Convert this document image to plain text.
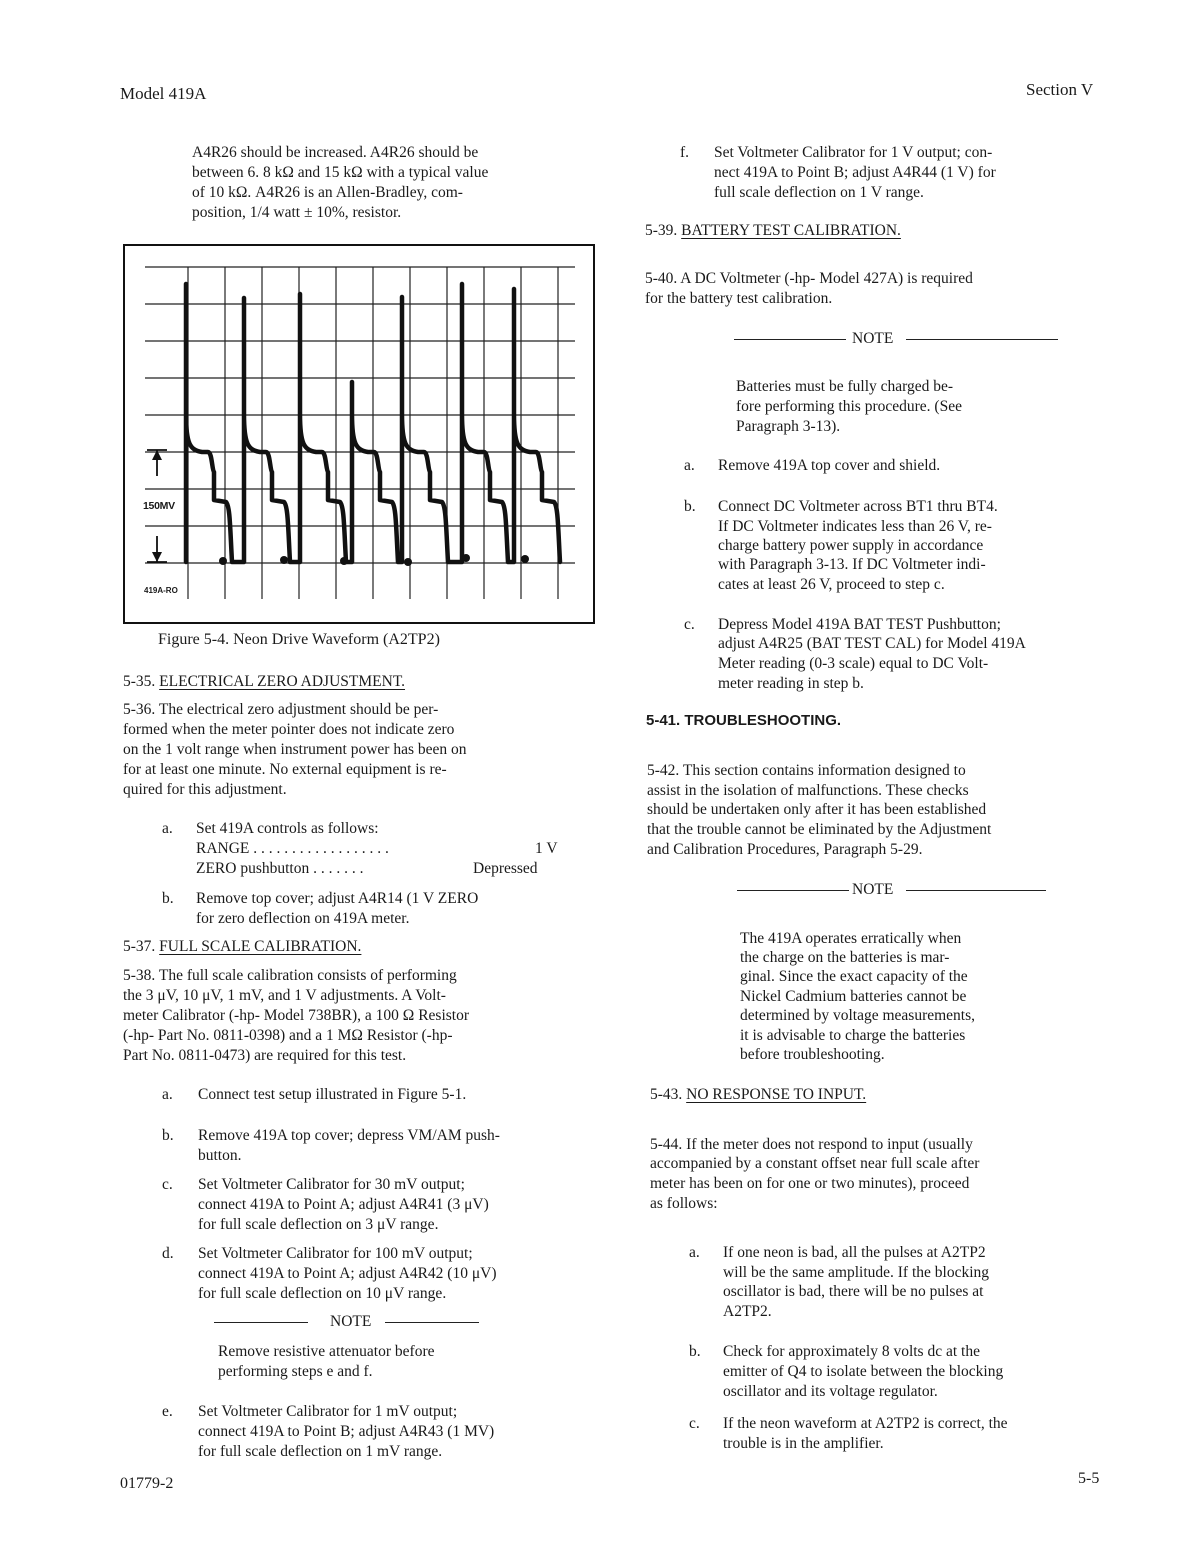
Model 419A	Section V
A4R26 should be increased. A4R26 should be
between 6. 8 kΩ and 15 kΩ with a typical value
of 10 kΩ. A4R26 is an Allen-Bradley, com-
position, 1/4 watt ± 10%, resistor.
150MV
419A-RO
Figure 5-4. Neon Drive Waveform (A2TP2)
5-35. ELECTRICAL ZERO ADJUSTMENT.
5-36. The electrical zero adjustment should be per-
formed when the meter pointer does not indicate zero
on the 1 volt range when instrument power has been on
for at least one minute. No external equipment is re-
quired for this adjustment.
a. Set 419A controls as follows:
RANGE . . . . . . . . . . . . . . . . . .	1 V
ZERO pushbutton . . . . . . .	Depressed
b. Remove top cover; adjust A4R14 (1 V ZERO
for zero deflection on 419A meter.
5-37. FULL SCALE CALIBRATION.
5-38. The full scale calibration consists of performing
the 3 μV, 10 μV, 1 mV, and 1 V adjustments. A Volt-
meter Calibrator (-hp- Model 738BR), a 100 Ω Resistor
(-hp- Part No. 0811-0398) and a 1 MΩ Resistor (-hp-
Part No. 0811-0473) are required for this test.
a. Connect test setup illustrated in Figure 5-1.
b. Remove 419A top cover; depress VM/AM push-
button.
c. Set Voltmeter Calibrator for 30 mV output;
connect 419A to Point A; adjust A4R41 (3 μV)
for full scale deflection on 3 μV range.
d. Set Voltmeter Calibrator for 100 mV output;
connect 419A to Point A; adjust A4R42 (10 μV)
for full scale deflection on 10 μV range.
NOTE
Remove resistive attenuator before
performing steps e and f.
e. Set Voltmeter Calibrator for 1 mV output;
connect 419A to Point B; adjust A4R43 (1 MV)
for full scale deflection on 1 mV range.
f. Set Voltmeter Calibrator for 1 V output; con-
nect 419A to Point B; adjust A4R44 (1 V) for
full scale deflection on 1 V range.
5-39. BATTERY TEST CALIBRATION.
5-40. A DC Voltmeter (-hp- Model 427A) is required
for the battery test calibration.
NOTE
Batteries must be fully charged be-
fore performing this procedure. (See
Paragraph 3-13).
a. Remove 419A top cover and shield.
b. Connect DC Voltmeter across BT1 thru BT4.
If DC Voltmeter indicates less than 26 V, re-
charge battery power supply in accordance
with Paragraph 3-13. If DC Voltmeter indi-
cates at least 26 V, proceed to step c.
c. Depress Model 419A BAT TEST Pushbutton;
adjust A4R25 (BAT TEST CAL) for Model 419A
Meter reading (0-3 scale) equal to DC Volt-
meter reading in step b.
5-41. TROUBLESHOOTING.
5-42. This section contains information designed to
assist in the isolation of malfunctions. These checks
should be undertaken only after it has been established
that the trouble cannot be eliminated by the Adjustment
and Calibration Procedures, Paragraph 5-29.
NOTE
The 419A operates erratically when
the charge on the batteries is mar-
ginal. Since the exact capacity of the
Nickel Cadmium batteries cannot be
determined by voltage measurements,
it is advisable to charge the batteries
before troubleshooting.
5-43. NO RESPONSE TO INPUT.
5-44. If the meter does not respond to input (usually
accompanied by a constant offset near full scale after
meter has been on for one or two minutes), proceed
as follows:
a. If one neon is bad, all the pulses at A2TP2
will be the same amplitude. If the blocking
oscillator is bad, there will be no pulses at
A2TP2.
b. Check for approximately 8 volts dc at the
emitter of Q4 to isolate between the blocking
oscillator and its voltage regulator.
c. If the neon waveform at A2TP2 is correct, the
trouble is in the amplifier.
01779-2	5-5
